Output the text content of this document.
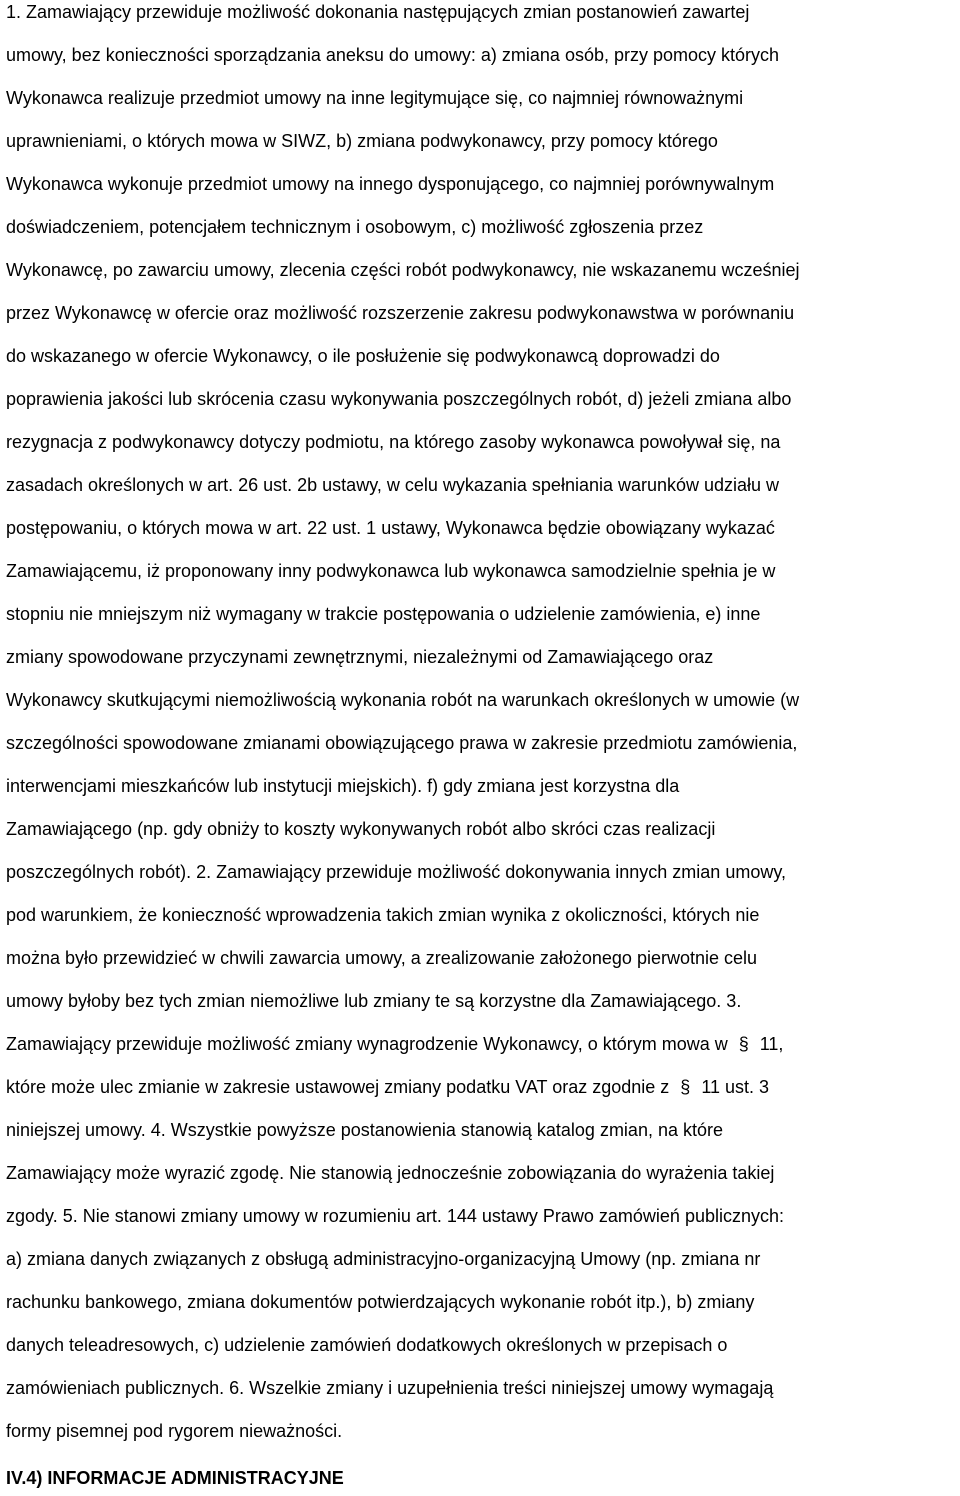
1. Zamawiający przewiduje możliwość dokonania następujących zmian postanowień zawartej
umowy, bez konieczności sporządzania aneksu do umowy: a) zmiana osób, przy pomocy których
Wykonawca realizuje przedmiot umowy na inne legitymujące się, co najmniej równoważnymi
uprawnieniami, o których mowa w SIWZ, b) zmiana podwykonawcy, przy pomocy którego
Wykonawca wykonuje przedmiot umowy na innego dysponującego, co najmniej porównywalnym
doświadczeniem, potencjałem technicznym i osobowym, c) możliwość zgłoszenia przez
Wykonawcę, po zawarciu umowy, zlecenia części robót podwykonawcy, nie wskazanemu wcześniej
przez Wykonawcę w ofercie oraz możliwość rozszerzenie zakresu podwykonawstwa w porównaniu
do wskazanego w ofercie Wykonawcy, o ile posłużenie się podwykonawcą doprowadzi do
poprawienia jakości lub skrócenia czasu wykonywania poszczególnych robót, d) jeżeli zmiana albo
rezygnacja z podwykonawcy dotyczy podmiotu, na którego zasoby wykonawca powoływał się, na
zasadach określonych w art. 26 ust. 2b ustawy, w celu wykazania spełniania warunków udziału w
postępowaniu, o których mowa w art. 22 ust. 1 ustawy, Wykonawca będzie obowiązany wykazać
Zamawiającemu, iż proponowany inny podwykonawca lub wykonawca samodzielnie spełnia je w
stopniu nie mniejszym niż wymagany w trakcie postępowania o udzielenie zamówienia, e) inne
zmiany spowodowane przyczynami zewnętrznymi, niezależnymi od Zamawiającego oraz
Wykonawcy skutkującymi niemożliwością wykonania robót na warunkach określonych w umowie (w
szczególności spowodowane zmianami obowiązującego prawa w zakresie przedmiotu zamówienia,
interwencjami mieszkańców lub instytucji miejskich). f) gdy zmiana jest korzystna dla
Zamawiającego (np. gdy obniży to koszty wykonywanych robót albo skróci czas realizacji
poszczególnych robót). 2. Zamawiający przewiduje możliwość dokonywania innych zmian umowy,
pod warunkiem, że konieczność wprowadzenia takich zmian wynika z okoliczności, których nie
można było przewidzieć w chwili zawarcia umowy, a zrealizowanie założonego pierwotnie celu
umowy byłoby bez tych zmian niemożliwe lub zmiany te są korzystne dla Zamawiającego. 3.
Zamawiający przewiduje możliwość zmiany wynagrodzenie Wykonawcy, o którym mowa w § 11,
które może ulec zmianie w zakresie ustawowej zmiany podatku VAT oraz zgodnie z § 11 ust. 3
niniejszej umowy. 4. Wszystkie powyższe postanowienia stanowią katalog zmian, na które
Zamawiający może wyrazić zgodę. Nie stanowią jednocześnie zobowiązania do wyrażenia takiej
zgody. 5. Nie stanowi zmiany umowy w rozumieniu art. 144 ustawy Prawo zamówień publicznych:
a) zmiana danych związanych z obsługą administracyjno-organizacyjną Umowy (np. zmiana nr
rachunku bankowego, zmiana dokumentów potwierdzających wykonanie robót itp.), b) zmiany
danych teleadresowych, c) udzielenie zamówień dodatkowych określonych w przepisach o
zamówieniach publicznych. 6. Wszelkie zmiany i uzupełnienia treści niniejszej umowy wymagają
formy pisemnej pod rygorem nieważności.
IV.4) INFORMACJE ADMINISTRACYJNE
